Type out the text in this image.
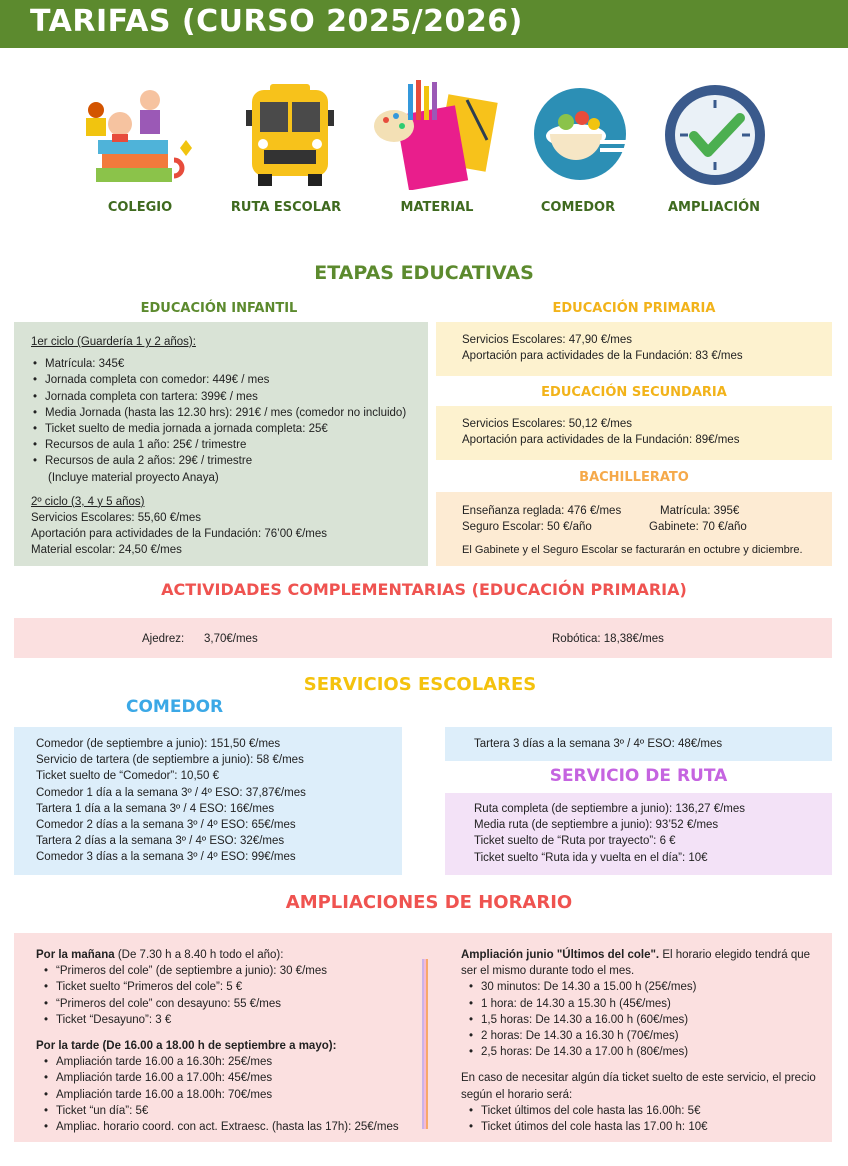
TARIFAS (CURSO 2025/2026)
COLEGIO	RUTA ESCOLAR	MATERIAL	COMEDOR	AMPLIACIÓN
ETAPAS EDUCATIVAS
EDUCACIÓN INFANTIL
1er ciclo (Guardería 1 y 2 años):
• Matrícula: 345€
• Jornada completa con comedor: 449€ / mes
• Jornada completa con tartera: 399€ / mes
• Media Jornada (hasta las 12.30 hrs): 291€ / mes (comedor no incluido)
• Ticket suelto de media jornada a jornada completa: 25€
• Recursos de aula 1 año: 25€ / trimestre
• Recursos de aula 2 años: 29€ / trimestre
(Incluye material proyecto Anaya)
2º ciclo (3, 4 y 5 años)
Servicios Escolares: 55,60 €/mes
Aportación para actividades de la Fundación: 76’00 €/mes
Material escolar: 24,50 €/mes
EDUCACIÓN PRIMARIA
Servicios Escolares: 47,90 €/mes
Aportación para actividades de la Fundación: 83 €/mes
EDUCACIÓN SECUNDARIA
Servicios Escolares: 50,12 €/mes
Aportación para actividades de la Fundación: 89€/mes
BACHILLERATO
Enseñanza reglada: 476 €/mes	Matrícula: 395€
Seguro Escolar: 50 €/año	Gabinete: 70 €/año
El Gabinete y el Seguro Escolar se facturarán en octubre y diciembre.
ACTIVIDADES COMPLEMENTARIAS (EDUCACIÓN PRIMARIA)
Ajedrez: 3,70€/mes	Robótica: 18,38€/mes
SERVICIOS ESCOLARES
COMEDOR
Comedor (de septiembre a junio): 151,50 €/mes
Servicio de tartera (de septiembre a junio): 58 €/mes
Ticket suelto de “Comedor”: 10,50 €
Comedor 1 día a la semana 3º / 4º ESO: 37,87€/mes
Tartera 1 día a la semana 3º / 4 ESO: 16€/mes
Comedor 2 días a la semana 3º / 4º ESO: 65€/mes
Tartera 2 días a la semana 3º / 4º ESO: 32€/mes
Comedor 3 días a la semana 3º / 4º ESO: 99€/mes
Tartera 3 días a la semana 3º / 4º ESO: 48€/mes
SERVICIO DE RUTA
Ruta completa (de septiembre a junio): 136,27 €/mes
Media ruta (de septiembre a junio): 93’52 €/mes
Ticket suelto de “Ruta por trayecto”: 6 €
Ticket suelto “Ruta ida y vuelta en el día”: 10€
AMPLIACIONES DE HORARIO
Por la mañana (De 7.30 h a 8.40 h todo el año):
• “Primeros del cole” (de septiembre a junio): 30 €/mes
• Ticket suelto “Primeros del cole”: 5 €
• “Primeros del cole” con desayuno: 55 €/mes
• Ticket “Desayuno”: 3 €
Por la tarde (De 16.00 a 18.00 h de septiembre a mayo):
• Ampliación tarde 16.00 a 16.30h: 25€/mes
• Ampliación tarde 16.00 a 17.00h: 45€/mes
• Ampliación tarde 16.00 a 18.00h: 70€/mes
• Ticket “un día”: 5€
• Ampliac. horario coord. con act. Extraesc. (hasta las 17h): 25€/mes
Ampliación junio "Últimos del cole". El horario elegido tendrá que ser el mismo durante todo el mes.
• 30 minutos: De 14.30 a 15.00 h (25€/mes)
• 1 hora: de 14.30 a 15.30 h (45€/mes)
• 1,5 horas: De 14.30 a 16.00 h (60€/mes)
• 2 horas: De 14.30 a 16.30 h (70€/mes)
• 2,5 horas: De 14.30 a 17.00 h (80€/mes)
En caso de necesitar algún día ticket suelto de este servicio, el precio según el horario será:
• Ticket últimos del cole hasta las 16.00h: 5€
• Ticket útimos del cole hasta las 17.00 h: 10€
